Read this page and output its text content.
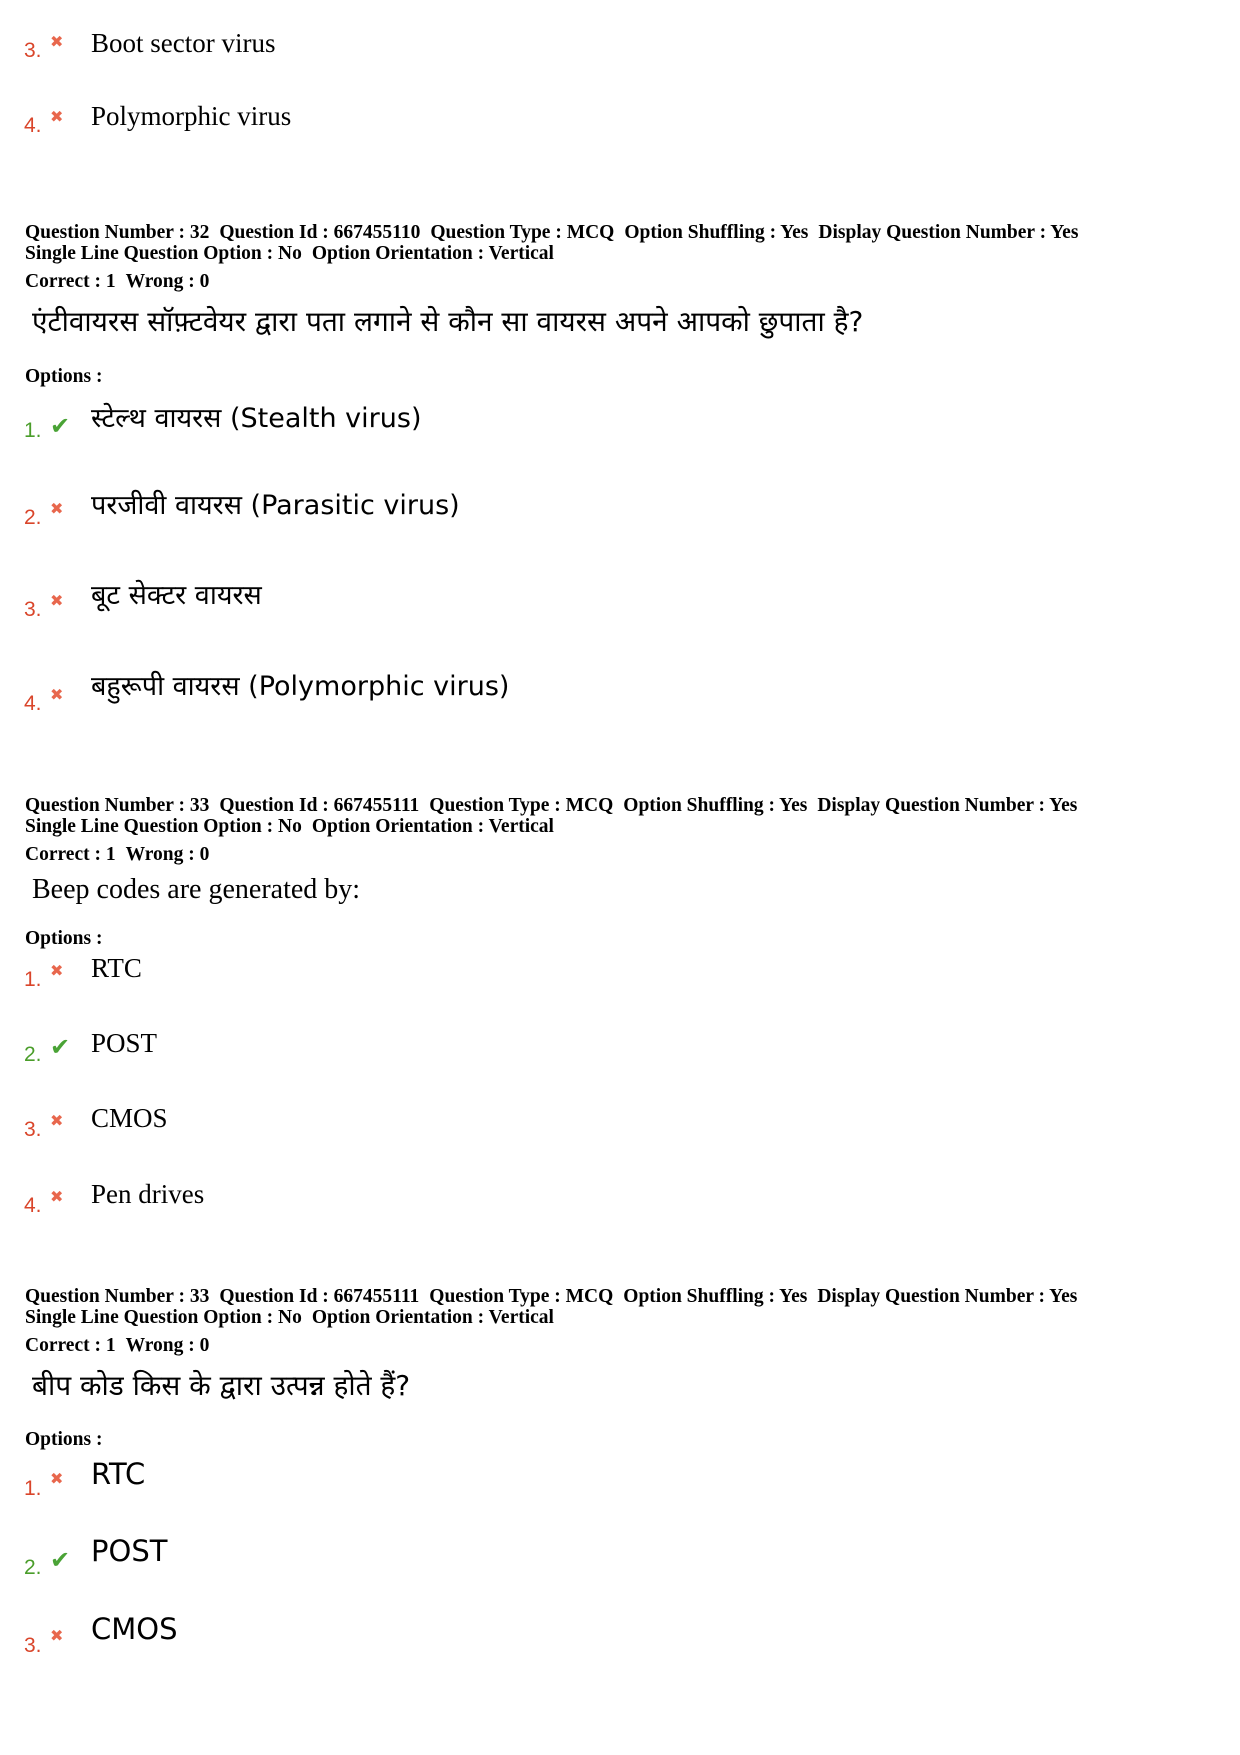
3. ✖ Boot sector virus
4. ✖ Polymorphic virus
Question Number : 32 Question Id : 667455110 Question Type : MCQ Option Shuffling : Yes Display Question Number : Yes
Single Line Question Option : No Option Orientation : Vertical
Correct : 1 Wrong : 0
एंटीवायरस सॉफ़्टवेयर द्वारा पता लगाने से कौन सा वायरस अपने आपको छुपाता है?
Options :
1. ✔ स्टेल्थ वायरस (Stealth virus)
2. ✖ परजीवी वायरस (Parasitic virus)
3. ✖ बूट सेक्टर वायरस
4. ✖ बहुरूपी वायरस (Polymorphic virus)
Question Number : 33 Question Id : 667455111 Question Type : MCQ Option Shuffling : Yes Display Question Number : Yes
Single Line Question Option : No Option Orientation : Vertical
Correct : 1 Wrong : 0
Beep codes are generated by:
Options :
1. ✖ RTC
2. ✔ POST
3. ✖ CMOS
4. ✖ Pen drives
Question Number : 33 Question Id : 667455111 Question Type : MCQ Option Shuffling : Yes Display Question Number : Yes
Single Line Question Option : No Option Orientation : Vertical
Correct : 1 Wrong : 0
बीप कोड किस के द्वारा उत्पन्न होते हैं?
Options :
1. ✖ RTC
2. ✔ POST
3. ✖ CMOS
